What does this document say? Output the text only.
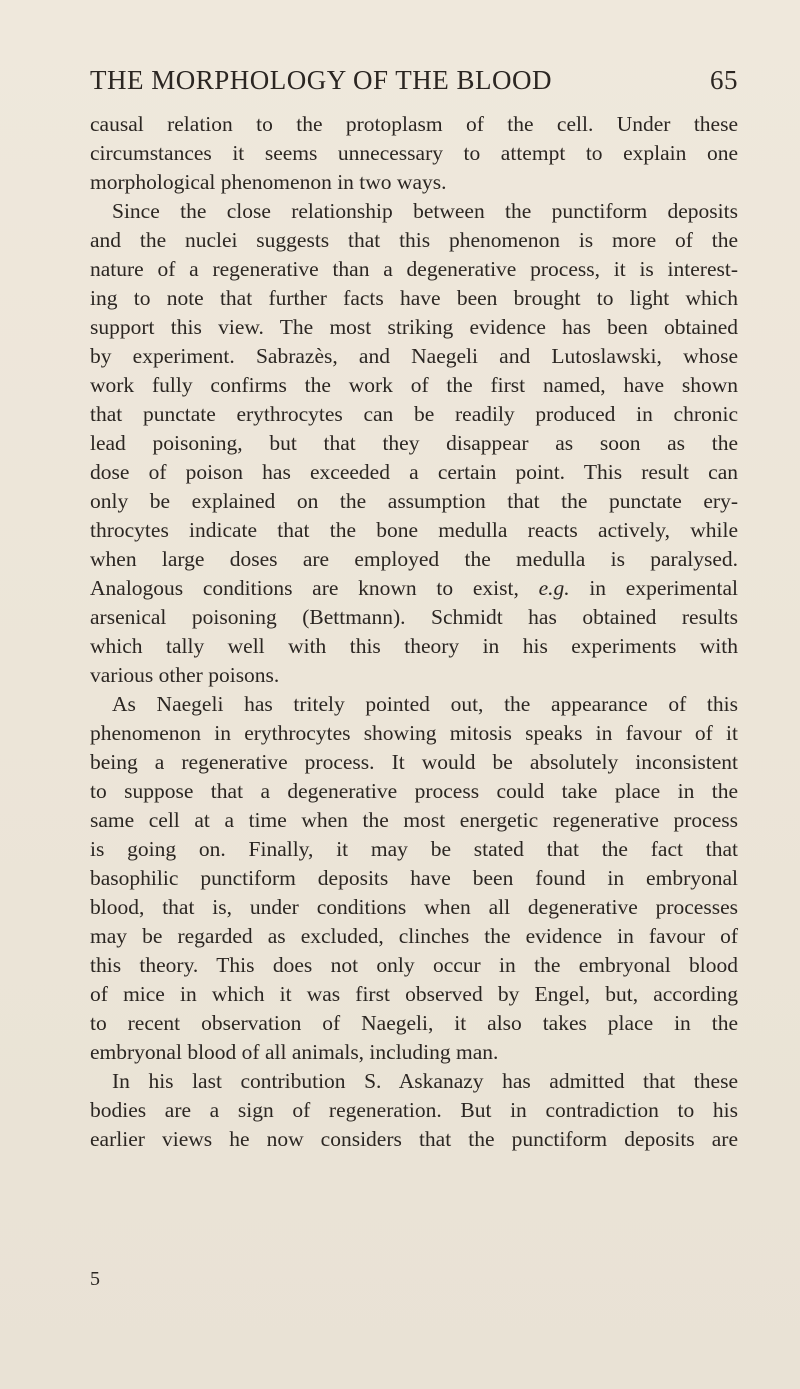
THE MORPHOLOGY OF THE BLOOD	65

causal relation to the protoplasm of the cell. Under these
circumstances it seems unnecessary to attempt to explain one
morphological phenomenon in two ways.

Since the close relationship between the punctiform deposits
and the nuclei suggests that this phenomenon is more of the
nature of a regenerative than a degenerative process, it is interest-
ing to note that further facts have been brought to light which
support this view. The most striking evidence has been obtained
by experiment. Sabrazès, and Naegeli and Lutoslawski, whose
work fully confirms the work of the first named, have shown
that punctate erythrocytes can be readily produced in chronic
lead poisoning, but that they disappear as soon as the
dose of poison has exceeded a certain point. This result can
only be explained on the assumption that the punctate ery-
throcytes indicate that the bone medulla reacts actively, while
when large doses are employed the medulla is paralysed.
Analogous conditions are known to exist, e.g. in experimental
arsenical poisoning (Bettmann). Schmidt has obtained results
which tally well with this theory in his experiments with
various other poisons.

As Naegeli has tritely pointed out, the appearance of this
phenomenon in erythrocytes showing mitosis speaks in favour of it
being a regenerative process. It would be absolutely inconsistent
to suppose that a degenerative process could take place in the
same cell at a time when the most energetic regenerative process
is going on. Finally, it may be stated that the fact that
basophilic punctiform deposits have been found in embryonal
blood, that is, under conditions when all degenerative processes
may be regarded as excluded, clinches the evidence in favour of
this theory. This does not only occur in the embryonal blood
of mice in which it was first observed by Engel, but, according
to recent observation of Naegeli, it also takes place in the
embryonal blood of all animals, including man.

In his last contribution S. Askanazy has admitted that these
bodies are a sign of regeneration. But in contradiction to his
earlier views he now considers that the punctiform deposits are

5
